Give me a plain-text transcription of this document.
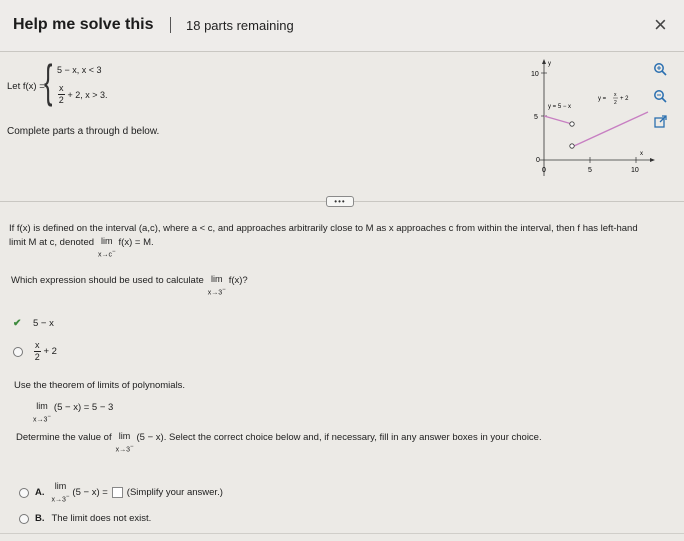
Help me solve this	18 parts remaining	×
Let f(x) = { 5 − x, x < 3
$\frac{x}{2} + 2$, x > 3.
Complete parts a through d below.
y
x
10
5
0
0	5	10
y = 5 − x
y =
x
2
+ 2
•••
If f(x) is defined on the interval (a,c), where a < c, and approaches arbitrarily close to M as x approaches c from within the interval, then f has left-hand
limit M at c, denoted lim
x→c−
f(x) = M.
Which expression should be used to calculate lim
x→3−
f(x)?
✔ 5 − x
$\frac{x}{2} + 2$
Use the theorem of limits of polynomials.
lim
x→3−
(5 − x) = 5 − 3
Determine the value of lim
x→3−
(5 − x). Select the correct choice below and, if necessary, fill in any answer boxes in your choice.
A.
lim
x→3− (5 − x) = (Simplify your answer.)
B. The limit does not exist.
